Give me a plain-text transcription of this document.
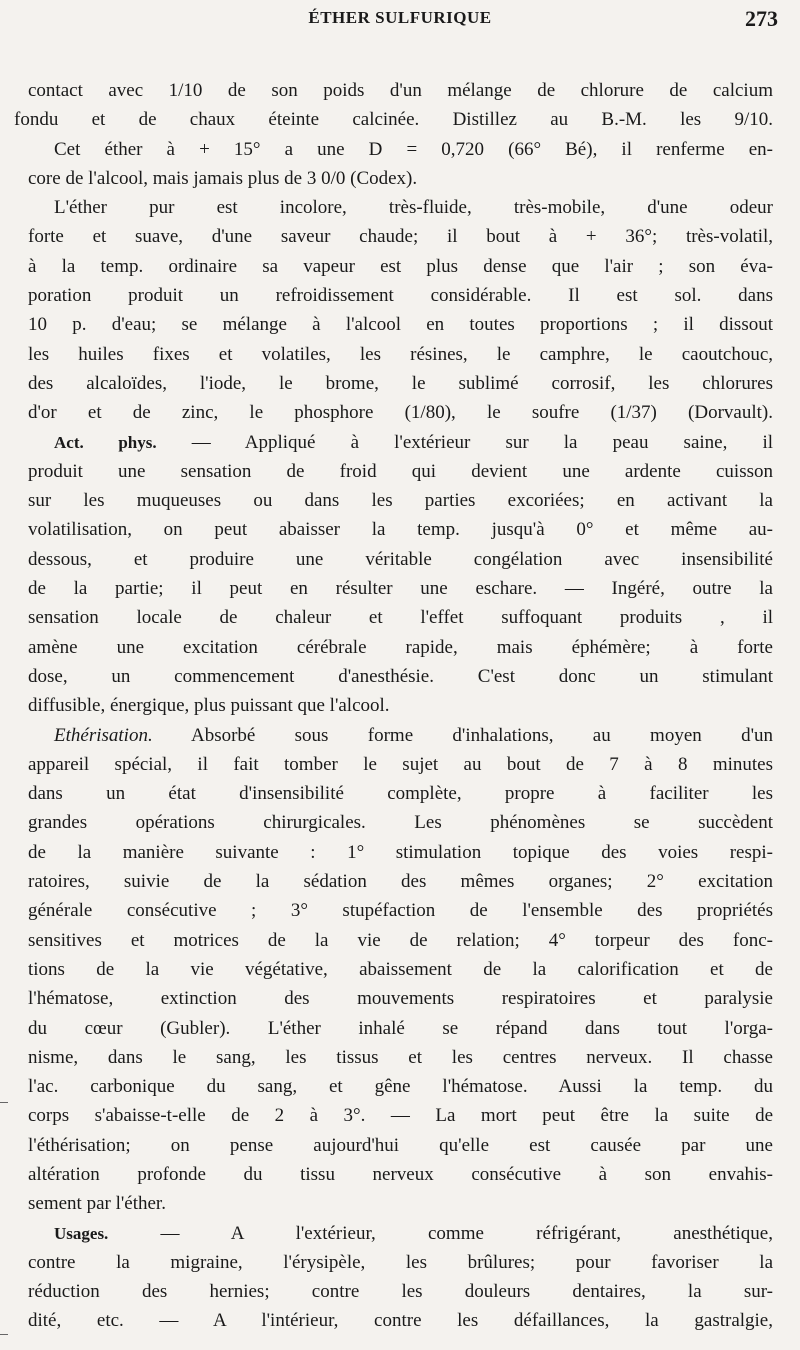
ÉTHER SULFURIQUE	273
contact avec 1/10 de son poids d'un mélange de chlorure de calcium
fondu et de chaux éteinte calcinée. Distillez au B.-M. les 9/10.
Cet éther à + 15° a une D = 0,720 (66° Bé), il renferme en-
core de l'alcool, mais jamais plus de 3 0/0 (Codex).
L'éther pur est incolore, très-fluide, très-mobile, d'une odeur
forte et suave, d'une saveur chaude; il bout à + 36°; très-volatil,
à la temp. ordinaire sa vapeur est plus dense que l'air ; son éva-
poration produit un refroidissement considérable. Il est sol. dans
10 p. d'eau; se mélange à l'alcool en toutes proportions ; il dissout
les huiles fixes et volatiles, les résines, le camphre, le caoutchouc,
des alcaloïdes, l'iode, le brome, le sublimé corrosif, les chlorures
d'or et de zinc, le phosphore (1/80), le soufre (1/37) (Dorvault).
Act. phys. — Appliqué à l'extérieur sur la peau saine, il
produit une sensation de froid qui devient une ardente cuisson
sur les muqueuses ou dans les parties excoriées; en activant la
volatilisation, on peut abaisser la temp. jusqu'à 0° et même au-
dessous, et produire une véritable congélation avec insensibilité
de la partie; il peut en résulter une eschare. — Ingéré, outre la
sensation locale de chaleur et l'effet suffoquant produits , il
amène une excitation cérébrale rapide, mais éphémère; à forte
dose, un commencement d'anesthésie. C'est donc un stimulant
diffusible, énergique, plus puissant que l'alcool.
Ethérisation. Absorbé sous forme d'inhalations, au moyen d'un
appareil spécial, il fait tomber le sujet au bout de 7 à 8 minutes
dans un état d'insensibilité complète, propre à faciliter les
grandes opérations chirurgicales. Les phénomènes se succèdent
de la manière suivante : 1° stimulation topique des voies respi-
ratoires, suivie de la sédation des mêmes organes; 2° excitation
générale consécutive ; 3° stupéfaction de l'ensemble des propriétés
sensitives et motrices de la vie de relation; 4° torpeur des fonc-
tions de la vie végétative, abaissement de la calorification et de
l'hématose, extinction des mouvements respiratoires et paralysie
du cœur (Gubler). L'éther inhalé se répand dans tout l'orga-
nisme, dans le sang, les tissus et les centres nerveux. Il chasse
l'ac. carbonique du sang, et gêne l'hématose. Aussi la temp. du
corps s'abaisse-t-elle de 2 à 3°. — La mort peut être la suite de
l'éthérisation; on pense aujourd'hui qu'elle est causée par une
altération profonde du tissu nerveux consécutive à son envahis-
sement par l'éther.
Usages. — A l'extérieur, comme réfrigérant, anesthétique,
contre la migraine, l'érysipèle, les brûlures; pour favoriser la
réduction des hernies; contre les douleurs dentaires, la sur-
dité, etc. — A l'intérieur, contre les défaillances, la gastralgie,
